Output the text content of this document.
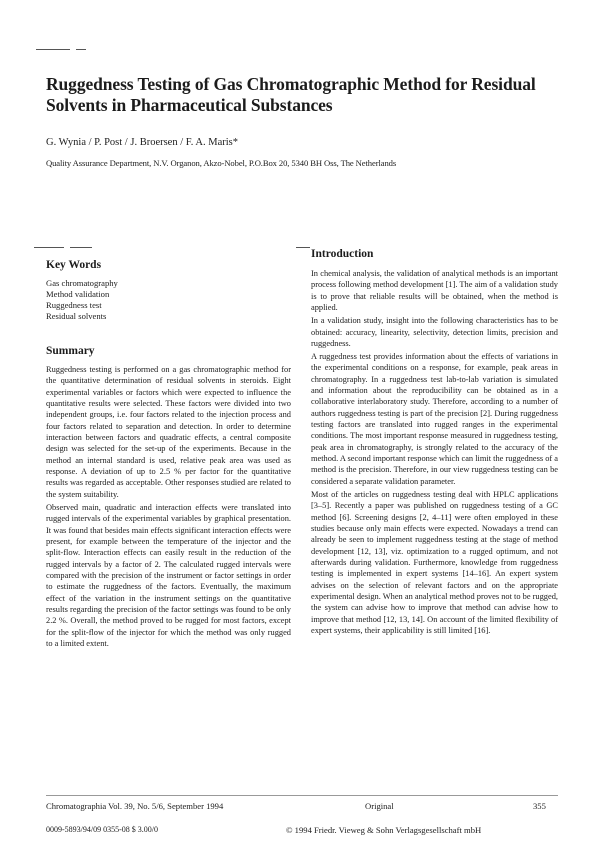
Ruggedness Testing of Gas Chromatographic Method for Residual Solvents in Pharmaceutical Substances
G. Wynia / P. Post / J. Broersen / F. A. Maris*
Quality Assurance Department, N.V. Organon, Akzo-Nobel, P.O.Box 20, 5340 BH Oss, The Netherlands
Key Words
Gas chromatography
Method validation
Ruggedness test
Residual solvents
Summary

Ruggedness testing is performed on a gas chromatographic method for the quantitative determination of residual solvents in steroids. Eight experimental variables or factors which were expected to influence the quantitative results were selected. These factors were divided into two independent groups, i.e. four factors related to the injection process and four factors related to separation and detection. In order to determine interaction between factors and quadratic effects, a central composite design was selected for the set-up of the experiments. Because in the method an internal standard is used, relative peak area was used as response. A deviation of up to 2.5 % per factor for the quantitative results was regarded as acceptable. Other responses studied are related to the system suitability.

Observed main, quadratic and interaction effects were translated into rugged intervals of the experimental variables by graphical presentation. It was found that besides main effects significant interaction effects were present, for example between the temperature of the injector and the split-flow. Interaction effects can easily result in the reduction of the rugged intervals by a factor of 2. The calculated rugged intervals were compared with the precision of the instrument or factor settings in order to estimate the ruggedness of the factors. Eventually, the maximum effect of the variation in the instrument settings on the quantitative results regarding the precision of the factor settings was found to be only 2.2 %. Overall, the method proved to be rugged for most factors, except for the split-flow of the injector for which the method was only rugged to a limited extent.

Introduction

In chemical analysis, the validation of analytical methods is an important process following method development [1]. The aim of a validation study is to prove that reliable results will be obtained, when the method is applied.

In a validation study, insight into the following characteristics has to be obtained: accuracy, linearity, selectivity, detection limits, precision and ruggedness.

A ruggedness test provides information about the effects of variations in the experimental conditions on a response, for example, peak areas in chromatography. In a ruggedness test lab-to-lab variation is simulated and information about the reproducibility can be obtained as in a collaborative interlaboratory study. Therefore, according to a number of authors ruggedness testing is part of the precision [2]. During ruggedness testing factors are translated into rugged ranges in the experimental conditions. The most important response measured in ruggedness testing, peak area in chromatography, is strongly related to the accuracy of the method. A second important response which can limit the ruggedness of a method is the precision. Therefore, in our view ruggedness testing can be considered a separate validation parameter.

Most of the articles on ruggedness testing deal with HPLC applications [3–5]. Recently a paper was published on ruggedness testing of a GC method [6]. Screening designs [2, 4–11] were often employed in these studies because only main effects were expected. Nowadays a trend can already be seen to implement ruggedness testing at the stage of method development [12, 13], viz. optimization to a rugged optimum, and not afterwards during validation. Furthermore, knowledge from ruggedness testing is implemented in expert systems [14–16]. An expert system advises on the selection of relevant factors and on the appropriate experimental design. When an analytical method proves not to be rugged, the system can advise how to improve that method can advise how to improve that method [12, 13, 14]. On account of the limited flexibility of expert systems, their applicability is still limited [16].

Chromatographia Vol. 39, No. 5/6, September 1994	Original	355
0009-5893/94/09 0355-08 $ 3.00/0	© 1994 Friedr. Vieweg & Sohn Verlagsgesellschaft mbH
